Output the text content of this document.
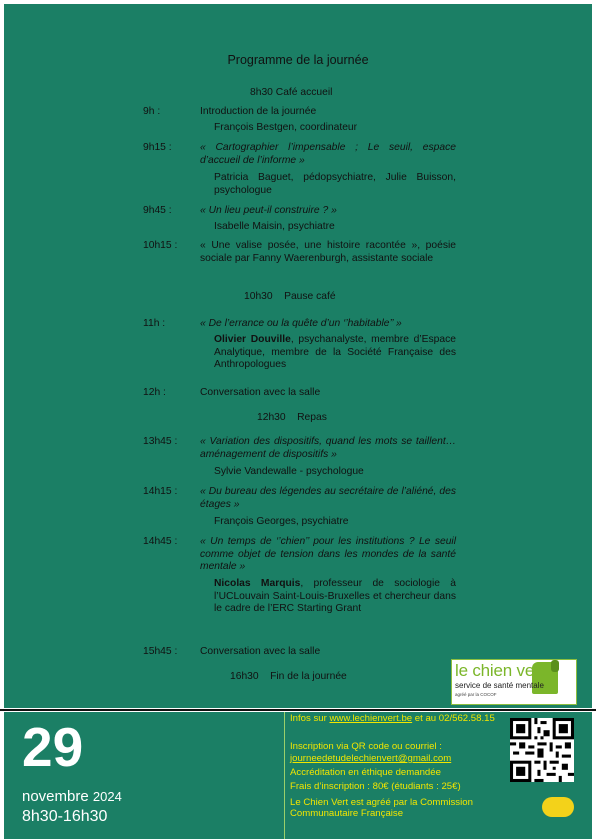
Programme de la journée
8h30 Café accueil
9h :	Introduction de la journée
François Bestgen, coordinateur
9h15 :	« Cartographier l’impensable ; Le seuil, espace d’accueil de l’informe »
Patricia Baguet, pédopsychiatre, Julie Buisson, psychologue
9h45 :	« Un lieu peut-il construire ? »
Isabelle Maisin, psychiatre
10h15 : « Une valise posée, une histoire racontée », poésie sociale par Fanny Waerenburgh, assistante sociale
10h30    Pause café
11h :	« De l’errance ou la quête d’un ‘’habitable’’ »
Olivier Douville, psychanalyste, membre d’Espace Analytique, membre de la Société Française des Anthropologues
12h :	Conversation avec la salle
12h30    Repas
13h45 : « Variation des dispositifs, quand les mots se taillent… aménagement de dispositifs »
Sylvie Vandewalle - psychologue
14h15 : « Du bureau des légendes au secrétaire de l’aliéné, des étages »
François Georges, psychiatre
14h45 : « Un temps de ‘’chien’’ pour les institutions ? Le seuil comme objet de tension dans les mondes de la santé mentale »
Nicolas Marquis, professeur de sociologie à l’UCLouvain Saint-Louis-Bruxelles et chercheur dans le cadre de l’ERC Starting Grant
15h45 : Conversation avec la salle
16h30    Fin de la journée	le chien vert
service de santé mentale
agréé par la COCOF
29
novembre 2024
8h30-16h30
Infos sur www.lechienvert.be et au 02/562.58.15
Inscription via QR code ou courriel :
journeedetudelechienvert@gmail.com
Accréditation en éthique demandée
Frais d’inscription : 80€ (étudiants : 25€)
Le Chien Vert est agréé par la Commission Communautaire Française
